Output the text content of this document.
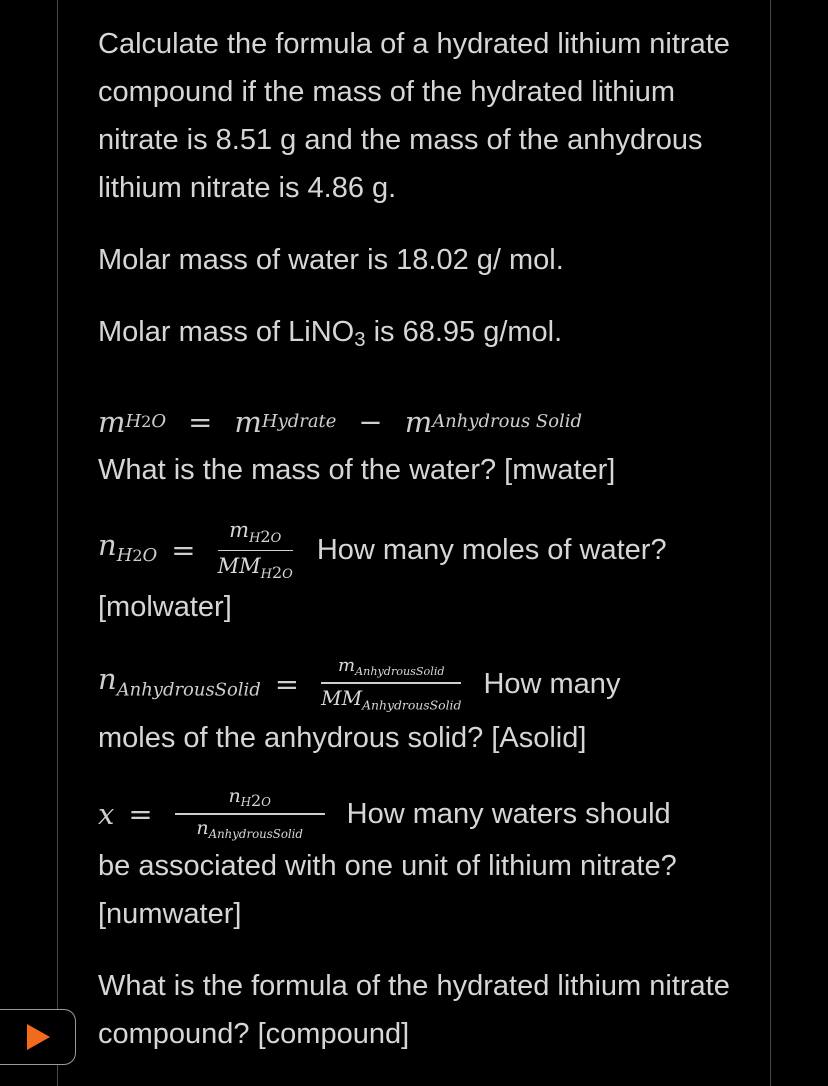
Calculate the formula of a hydrated lithium nitrate compound if the mass of the hydrated lithium nitrate is 8.51 g and the mass of the anhydrous lithium nitrate is 4.86 g.

Molar mass of water is 18.02 g/ mol.

Molar mass of LiNO3 is 68.95 g/mol.

m H2O = m Hydrate − m Anhydrous Solid

What is the mass of the water? [mwater]

$n_{H2O} = \frac{m_{H2O}}{MM_{H2O}}$ How many moles of water?

[molwater]

$n_{AnhydrousSolid} = \frac{m_{AnhydrousSolid}}{MM_{AnhydrousSolid}}$ How many

moles of the anhydrous solid? [Asolid]

$x = \frac{n_{H2O}}{n_{AnhydrousSolid}}$ How many waters should

be associated with one unit of lithium nitrate? [numwater]

What is the formula of the hydrated lithium nitrate compound? [compound]
